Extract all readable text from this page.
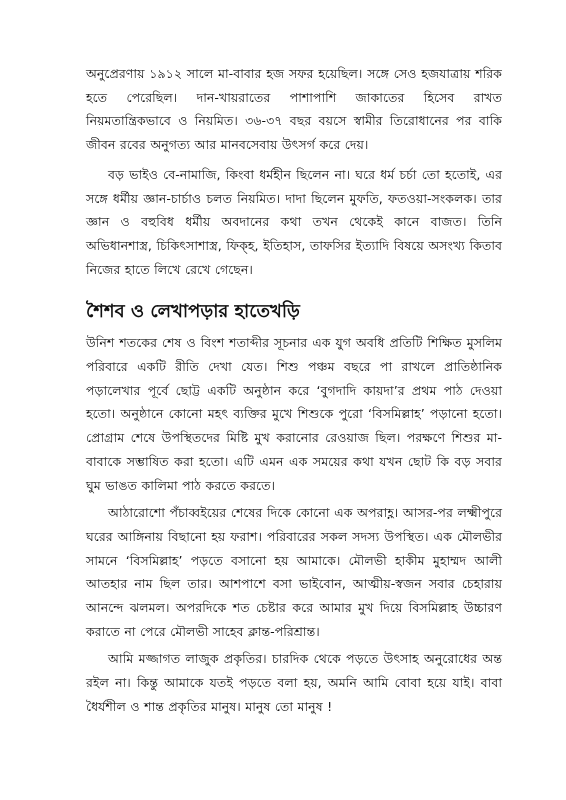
অনুপ্রেরণায় ১৯১২ সালে মা-বাবার হজ সফর হয়েছিল। সঙ্গে সেও হজযাত্রায় শরিক হতে পেরেছিল। দান-খায়রাতের পাশাপাশি জাকাতের হিসেব রাখত নিয়মতান্ত্রিকভাবে ও নিয়মিত। ৩৬-৩৭ বছর বয়সে স্বামীর তিরোধানের পর বাকি জীবন রবের অনুগত্য আর মানবসেবায় উৎসর্গ করে দেয়।

বড় ভাইও বে-নামাজি, কিংবা ধর্মহীন ছিলেন না। ঘরে ধর্ম চর্চা তো হতোই, এর সঙ্গে ধর্মীয় জ্ঞান-চার্চাও চলত নিয়মিত। দাদা ছিলেন মুফতি, ফতওয়া-সংকলক। তার জ্ঞান ও বহুবিধ ধর্মীয় অবদানের কথা তখন থেকেই কানে বাজত। তিনি অভিধানশাস্ত্র, চিকিৎসাশাস্ত্র, ফিক্হ, ইতিহাস, তাফসির ইত্যাদি বিষয়ে অসংখ্য কিতাব নিজের হাতে লিখে রেখে গেছেন।

শৈশব ও লেখাপড়ার হাতেখড়ি

উনিশ শতকের শেষ ও বিংশ শতাব্দীর সূচনার এক যুগ অবধি প্রতিটি শিক্ষিত মুসলিম পরিবারে একটি রীতি দেখা যেত। শিশু পঞ্চম বছরে পা রাখলে প্রাতিষ্ঠানিক পড়ালেখার পূর্বে ছোট্ট একটি অনুষ্ঠান করে ‘বুগদাদি কায়দা’র প্রথম পাঠ দেওয়া হতো। অনুষ্ঠানে কোনো মহৎ ব্যক্তির মুখে শিশুকে পুরো ‘বিসমিল্লাহ’ পড়ানো হতো। প্রোগ্রাম শেষে উপস্থিতদের মিষ্টি মুখ করানোর রেওয়াজ ছিল। পরক্ষণে শিশুর মা-বাবাকে সম্ভাষিত করা হতো। এটি এমন এক সময়ের কথা যখন ছোট কি বড় সবার ঘুম ভাঙত কালিমা পাঠ করতে করতে।

আঠারোশো পঁচাব্বইয়ের শেষের দিকে কোনো এক অপরাহ্ণ। আসর-পর লক্ষ্মীপুরে ঘরের আঙ্গিনায় বিছানো হয় ফরাশ। পরিবারের সকল সদস্য উপস্থিত। এক মৌলভীর সামনে ‘বিসমিল্লাহ’ পড়তে বসানো হয় আমাকে। মৌলভী হাকীম মুহাম্মদ আলী আতহার নাম ছিল তার। আশপাশে বসা ভাইবোন, আত্মীয়-স্বজন সবার চেহারায় আনন্দে ঝলমল। অপরদিকে শত চেষ্টার করে আমার মুখ দিয়ে বিসমিল্লাহ উচ্চারণ করাতে না পেরে মৌলভী সাহেব ক্লান্ত-পরিশ্রান্ত।

আমি মজ্জাগত লাজুক প্রকৃতির। চারদিক থেকে পড়তে উৎসাহ অনুরোধের অন্ত রইল না। কিন্তু আমাকে যতই পড়তে বলা হয়, অমনি আমি বোবা হয়ে যাই। বাবা ধৈর্যশীল ও শান্ত প্রকৃতির মানুষ। মানুষ তো মানুষ !
